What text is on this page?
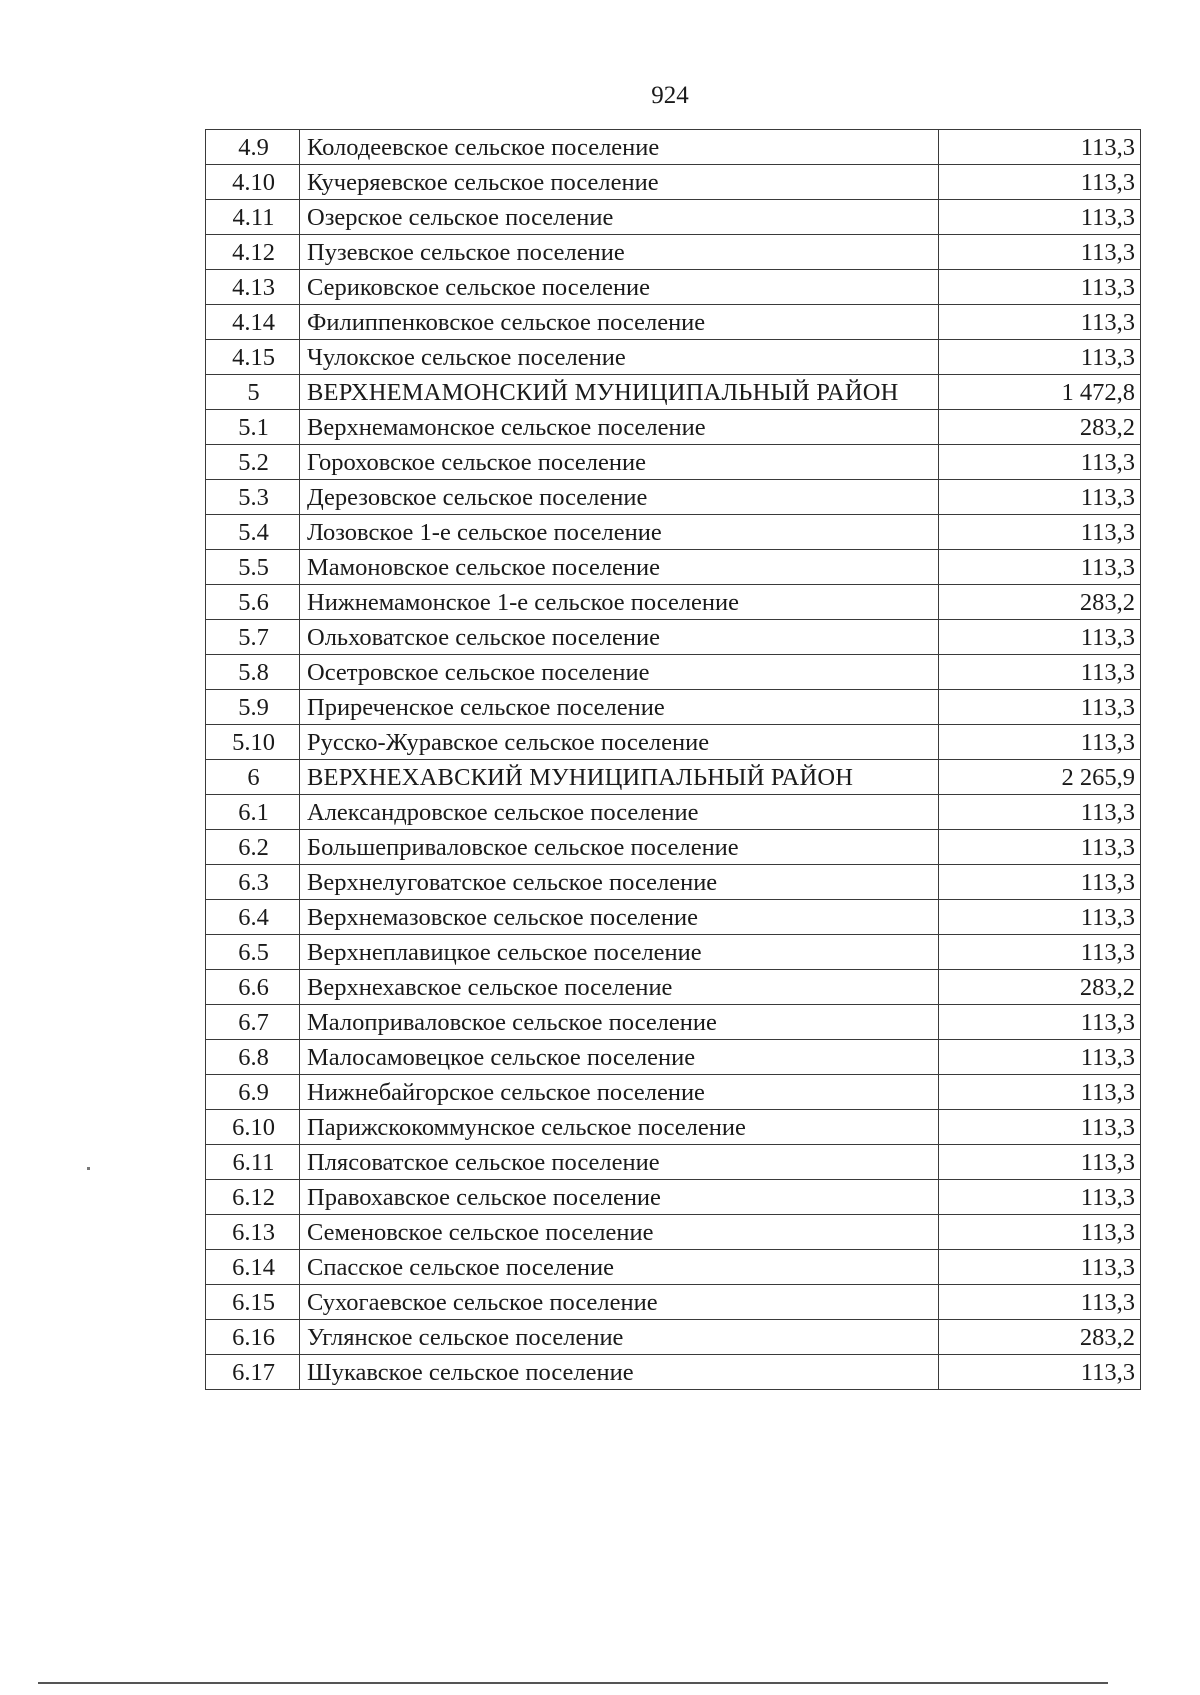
924
4.9	Колодеевское сельское поселение	113,3
4.10	Кучеряевское сельское поселение	113,3
4.11	Озерское сельское поселение	113,3
4.12	Пузевское сельское поселение	113,3
4.13	Сериковское сельское поселение	113,3
4.14	Филиппенковское сельское поселение	113,3
4.15	Чулокское сельское поселение	113,3
5	ВЕРХНЕМАМОНСКИЙ МУНИЦИПАЛЬНЫЙ РАЙОН	1 472,8
5.1	Верхнемамонское сельское поселение	283,2
5.2	Гороховское сельское поселение	113,3
5.3	Дерезовское сельское поселение	113,3
5.4	Лозовское 1-е сельское поселение	113,3
5.5	Мамоновское сельское поселение	113,3
5.6	Нижнемамонское 1-е сельское поселение	283,2
5.7	Ольховатское сельское поселение	113,3
5.8	Осетровское сельское поселение	113,3
5.9	Приреченское сельское поселение	113,3
5.10	Русско-Журавское сельское поселение	113,3
6	ВЕРХНЕХАВСКИЙ МУНИЦИПАЛЬНЫЙ РАЙОН	2 265,9
6.1	Александровское сельское поселение	113,3
6.2	Большеприваловское сельское поселение	113,3
6.3	Верхнелуговатское сельское поселение	113,3
6.4	Верхнемазовское сельское поселение	113,3
6.5	Верхнеплавицкое сельское поселение	113,3
6.6	Верхнехавское сельское поселение	283,2
6.7	Малоприваловское сельское поселение	113,3
6.8	Малосамовецкое сельское поселение	113,3
6.9	Нижнебайгорское сельское поселение	113,3
6.10	Парижскокоммунское сельское поселение	113,3
6.11	Плясоватское сельское поселение	113,3
6.12	Правохавское сельское поселение	113,3
6.13	Семеновское сельское поселение	113,3
6.14	Спасское сельское поселение	113,3
6.15	Сухогаевское сельское поселение	113,3
6.16	Углянское сельское поселение	283,2
6.17	Шукавское сельское поселение	113,3
